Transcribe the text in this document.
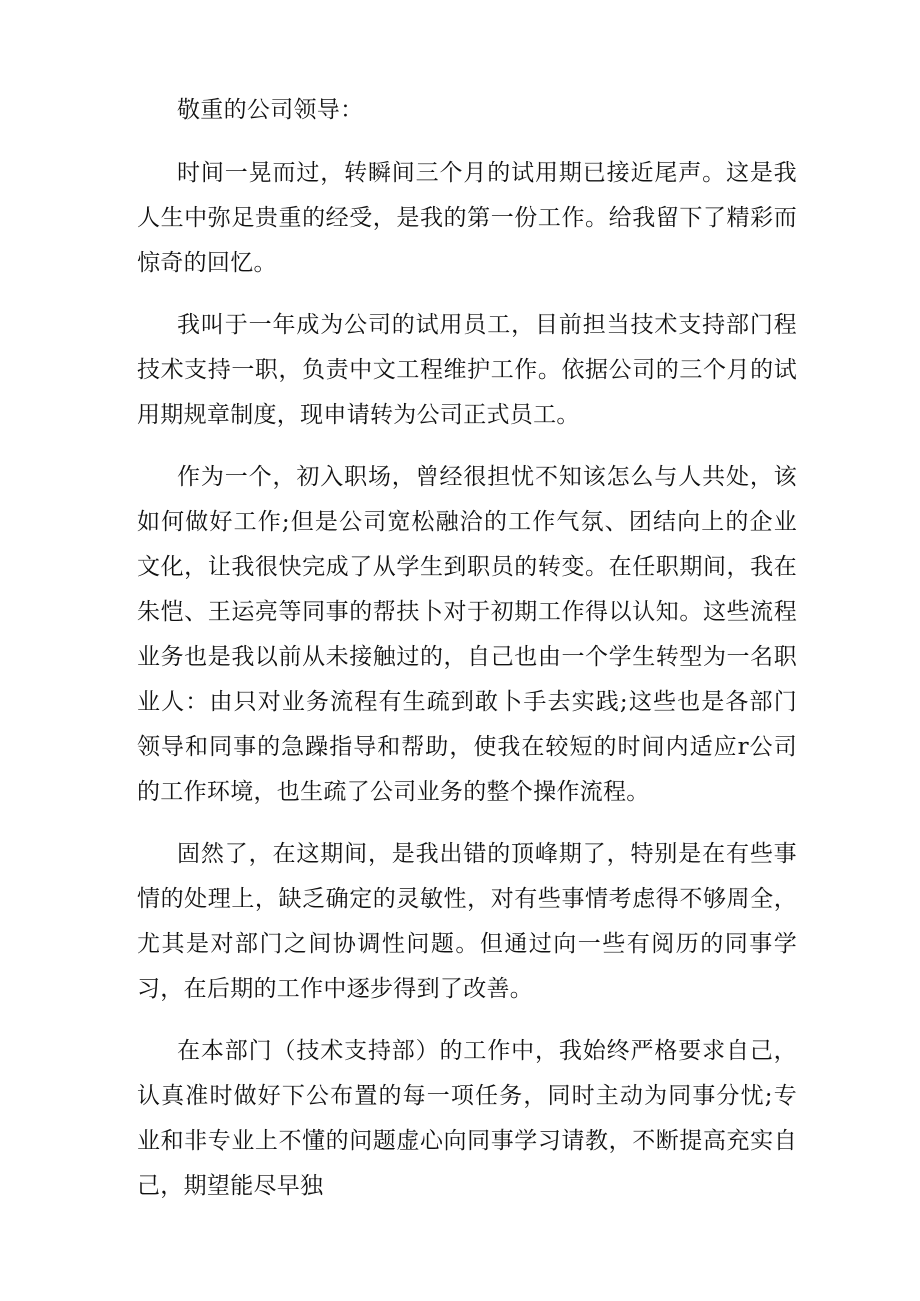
敬重的公司领导：

时间一晃而过，转瞬间三个月的试用期已接近尾声。这是我人生中弥足贵重的经受，是我的第一份工作。给我留下了精彩而惊奇的回忆。

我叫于一年成为公司的试用员工，目前担当技术支持部门程技术支持一职，负责中文工程维护工作。依据公司的三个月的试用期规章制度，现申请转为公司正式员工。

作为一个，初入职场，曾经很担忧不知该怎么与人共处，该如何做好工作;但是公司宽松融洽的工作气氛、团结向上的企业文化，让我很快完成了从学生到职员的转变。在任职期间，我在朱恺、王运亮等同事的帮扶卜对于初期工作得以认知。这些流程业务也是我以前从未接触过的，自己也由一个学生转型为一名职业人：由只对业务流程有生疏到敢卜手去实践;这些也是各部门领导和同事的急躁指导和帮助，使我在较短的时间内适应r公司的工作环境，也生疏了公司业务的整个操作流程。

固然了，在这期间，是我出错的顶峰期了，特别是在有些事情的处理上，缺乏确定的灵敏性，对有些事情考虑得不够周全，尤其是对部门之间协调性问题。但通过向一些有阅历的同事学习，在后期的工作中逐步得到了改善。

在本部门（技术支持部）的工作中，我始终严格要求自己，认真准时做好下公布置的每一项任务，同时主动为同事分忧;专业和非专业上不懂的问题虚心向同事学习请教，不断提高充实自己，期望能尽早独
